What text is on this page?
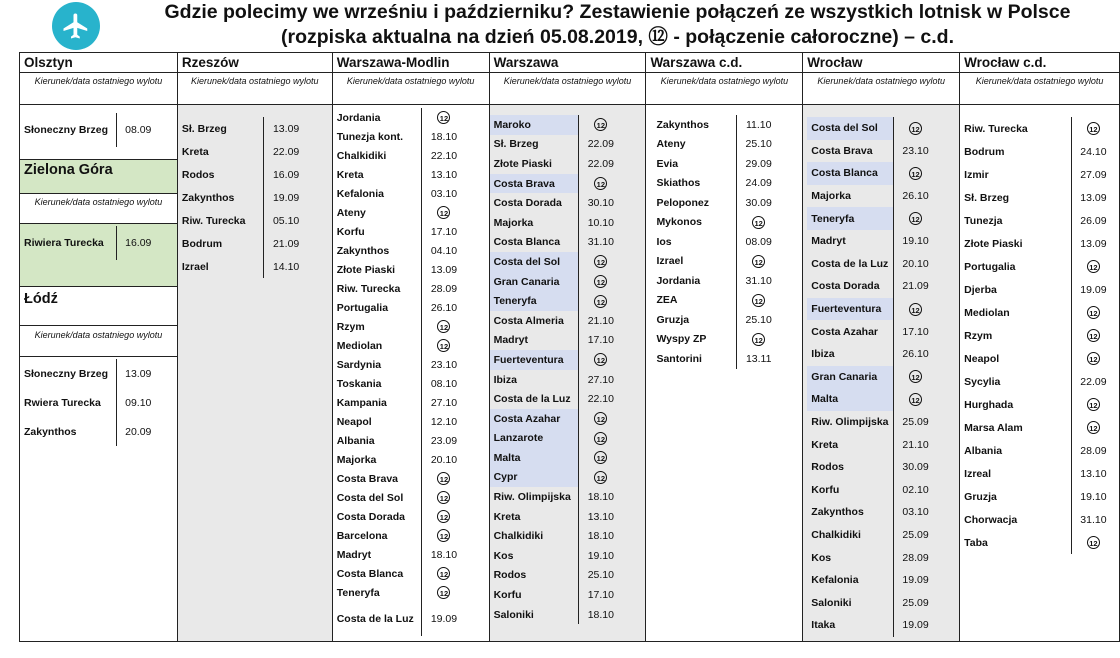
Gdzie polecimy we wrześniu i październiku? Zestawienie połączeń ze wszystkich lotnisk w Polsce
(rozpiska aktualna na dzień 05.08.2019, ⑫ - połączenie całoroczne) – c.d.
Olsztyn
Kierunek/data ostatniego wylotu
Słoneczny Brzeg	08.09
Zielona Góra
Kierunek/data ostatniego wylotu
Riwiera Turecka	16.09
Łódź
Kierunek/data ostatniego wylotu
Słoneczny Brzeg	13.09
Rwiera Turecka	09.10
Zakynthos	20.09
Rzeszów
Kierunek/data ostatniego wylotu
Sł. Brzeg	13.09
Kreta	22.09
Rodos	16.09
Zakynthos	19.09
Riw. Turecka	05.10
Bodrum	21.09
Izrael	14.10
Warszawa-Modlin
Kierunek/data ostatniego wylotu
Jordania	12
Tunezja kont.	18.10
Chalkidiki	22.10
Kreta	13.10
Kefalonia	03.10
Ateny	12
Korfu	17.10
Zakynthos	04.10
Złote Piaski	13.09
Riw. Turecka	28.09
Portugalia	26.10
Rzym	12
Mediolan	12
Sardynia	23.10
Toskania	08.10
Kampania	27.10
Neapol	12.10
Albania	23.09
Majorka	20.10
Costa Brava	12
Costa del Sol	12
Costa Dorada	12
Barcelona	12
Madryt	18.10
Costa Blanca	12
Teneryfa	12
Costa de la Luz	19.09
Warszawa
Kierunek/data ostatniego wylotu
Maroko	12
Sł. Brzeg	22.09
Złote Piaski	22.09
Costa Brava	12
Costa Dorada	30.10
Majorka	10.10
Costa Blanca	31.10
Costa del Sol	12
Gran Canaria	12
Teneryfa	12
Costa Almeria	21.10
Madryt	17.10
Fuerteventura	12
Ibiza	27.10
Costa de la Luz	22.10
Costa Azahar	12
Lanzarote	12
Malta	12
Cypr	12
Riw. Olimpijska	18.10
Kreta	13.10
Chalkidiki	18.10
Kos	19.10
Rodos	25.10
Korfu	17.10
Saloniki	18.10
Warszawa c.d.
Kierunek/data ostatniego wylotu
Zakynthos	11.10
Ateny	25.10
Evia	29.09
Skiathos	24.09
Peloponez	30.09
Mykonos	12
Ios	08.09
Izrael	12
Jordania	31.10
ZEA	12
Gruzja	25.10
Wyspy ZP	12
Santorini	13.11
Wrocław
Kierunek/data ostatniego wylotu
Costa del Sol	12
Costa Brava	23.10
Costa Blanca	12
Majorka	26.10
Teneryfa	12
Madryt	19.10
Costa de la Luz	20.10
Costa Dorada	21.09
Fuerteventura	12
Costa Azahar	17.10
Ibiza	26.10
Gran Canaria	12
Malta	12
Riw. Olimpijska	25.09
Kreta	21.10
Rodos	30.09
Korfu	02.10
Zakynthos	03.10
Chalkidiki	25.09
Kos	28.09
Kefalonia	19.09
Saloniki	25.09
Itaka	19.09
Wrocław c.d.
Kierunek/data ostatniego wylotu
Riw. Turecka	12
Bodrum	24.10
Izmir	27.09
Sł. Brzeg	13.09
Tunezja	26.09
Złote Piaski	13.09
Portugalia	12
Djerba	19.09
Mediolan	12
Rzym	12
Neapol	12
Sycylia	22.09
Hurghada	12
Marsa Alam	12
Albania	28.09
Izreal	13.10
Gruzja	19.10
Chorwacja	31.10
Taba	12
